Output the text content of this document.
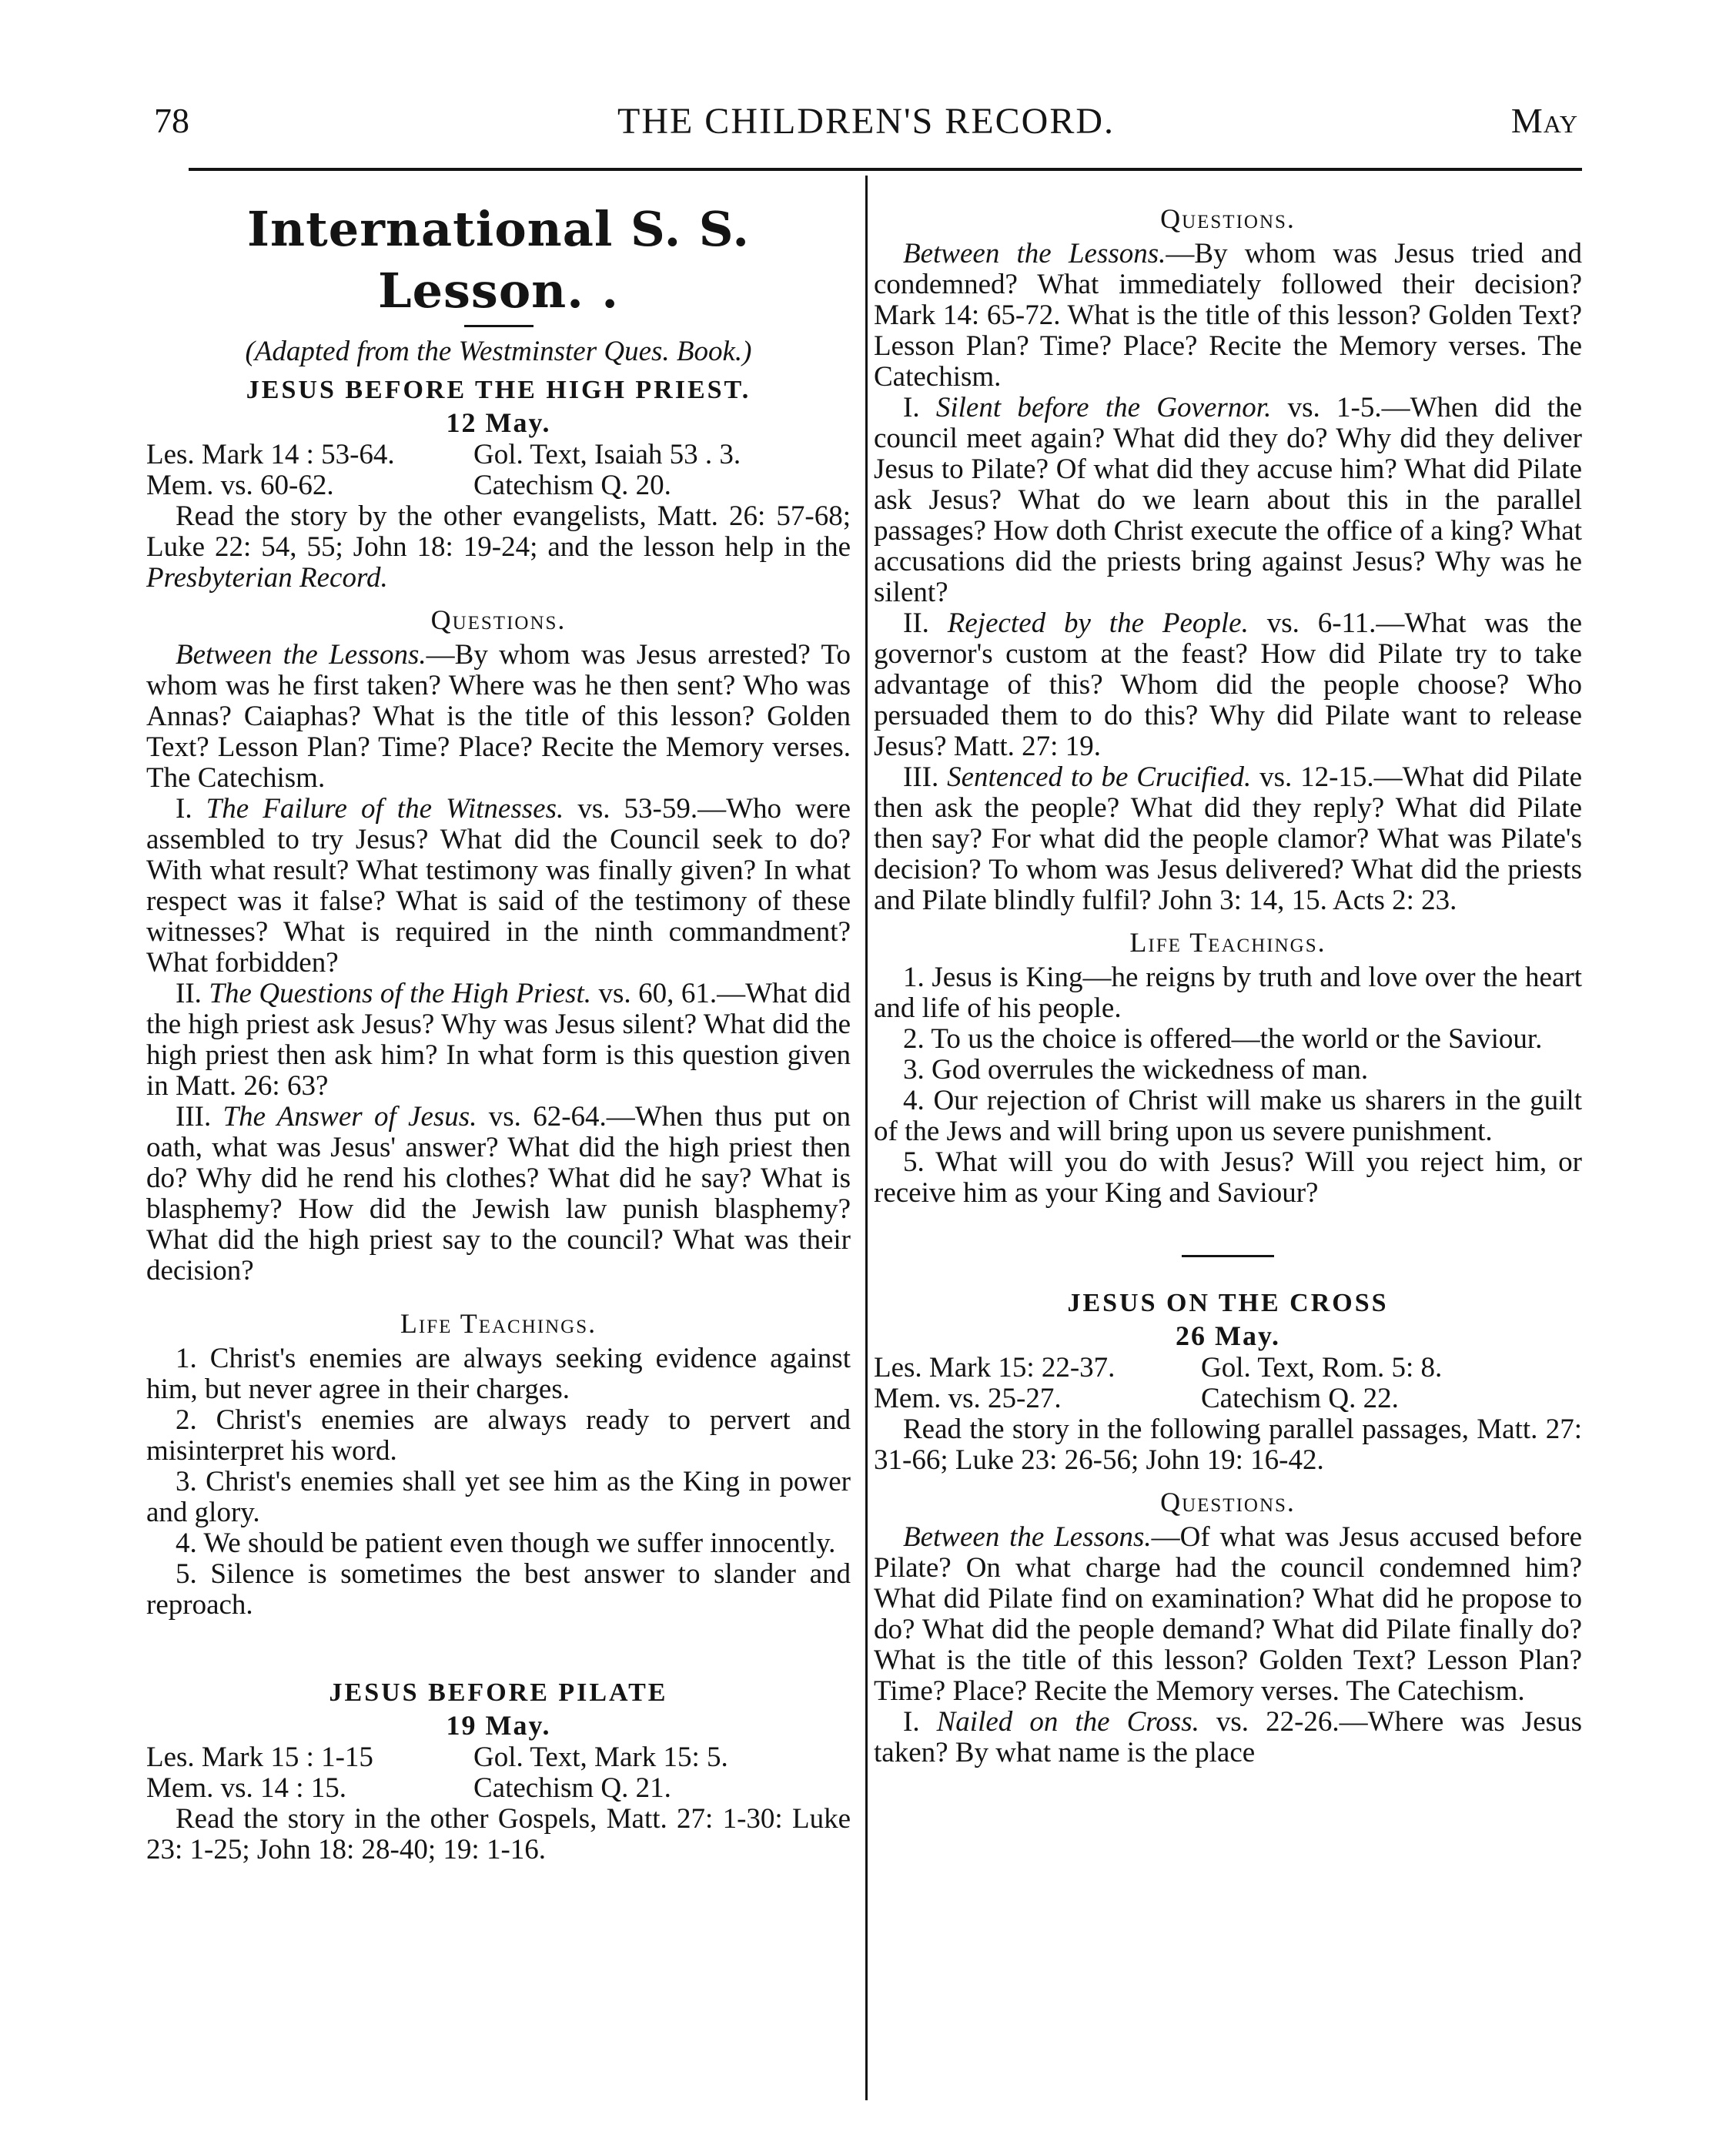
78	THE CHILDREN'S RECORD.	May
International S. S. Lesson. .

(Adapted from the Westminster Ques. Book.)

JESUS BEFORE THE HIGH PRIEST.
12 May.
Les. Mark 14 : 53-64.	Gol. Text, Isaiah 53 . 3.
Mem. vs. 60-62.	Catechism Q. 20.

Read the story by the other evangelists, Matt. 26: 57-68; Luke 22: 54, 55; John 18: 19-24; and the lesson help in the Presbyterian Record.

Questions.

Between the Lessons.—By whom was Jesus arrested? To whom was he first taken? Where was he then sent? Who was Annas? Caiaphas? What is the title of this lesson? Golden Text? Lesson Plan? Time? Place? Recite the Memory verses. The Catechism.

I. The Failure of the Witnesses. vs. 53-59.—Who were assembled to try Jesus? What did the Council seek to do? With what result? What testimony was finally given? In what respect was it false? What is said of the testimony of these witnesses? What is required in the ninth commandment? What forbidden?

II. The Questions of the High Priest. vs. 60, 61.—What did the high priest ask Jesus? Why was Jesus silent? What did the high priest then ask him? In what form is this question given in Matt. 26: 63?

III. The Answer of Jesus. vs. 62-64.—When thus put on oath, what was Jesus' answer? What did the high priest then do? Why did he rend his clothes? What did he say? What is blasphemy? How did the Jewish law punish blasphemy? What did the high priest say to the council? What was their decision?

Life Teachings.

1. Christ's enemies are always seeking evidence against him, but never agree in their charges.

2. Christ's enemies are always ready to pervert and misinterpret his word.

3. Christ's enemies shall yet see him as the King in power and glory.

4. We should be patient even though we suffer innocently.

5. Silence is sometimes the best answer to slander and reproach.

JESUS BEFORE PILATE
19 May.
Les. Mark 15 : 1-15	Gol. Text, Mark 15: 5.
Mem. vs. 14 : 15.	Catechism Q. 21.

Read the story in the other Gospels, Matt. 27: 1-30: Luke 23: 1-25; John 18: 28-40; 19: 1-16.

Questions.

Between the Lessons.—By whom was Jesus tried and condemned? What immediately followed their decision? Mark 14: 65-72. What is the title of this lesson? Golden Text? Lesson Plan? Time? Place? Recite the Memory verses. The Catechism.

I. Silent before the Governor. vs. 1-5.—When did the council meet again? What did they do? Why did they deliver Jesus to Pilate? Of what did they accuse him? What did Pilate ask Jesus? What do we learn about this in the parallel passages? How doth Christ execute the office of a king? What accusations did the priests bring against Jesus? Why was he silent?

II. Rejected by the People. vs. 6-11.—What was the governor's custom at the feast? How did Pilate try to take advantage of this? Whom did the people choose? Who persuaded them to do this? Why did Pilate want to release Jesus? Matt. 27: 19.

III. Sentenced to be Crucified. vs. 12-15.—What did Pilate then ask the people? What did they reply? What did Pilate then say? For what did the people clamor? What was Pilate's decision? To whom was Jesus delivered? What did the priests and Pilate blindly fulfil? John 3: 14, 15. Acts 2: 23.

Life Teachings.

1. Jesus is King—he reigns by truth and love over the heart and life of his people.

2. To us the choice is offered—the world or the Saviour.

3. God overrules the wickedness of man.

4. Our rejection of Christ will make us sharers in the guilt of the Jews and will bring upon us severe punishment.

5. What will you do with Jesus? Will you reject him, or receive him as your King and Saviour?

JESUS ON THE CROSS
26 May.
Les. Mark 15: 22-37.	Gol. Text, Rom. 5: 8.
Mem. vs. 25-27.	Catechism Q. 22.

Read the story in the following parallel passages, Matt. 27: 31-66; Luke 23: 26-56; John 19: 16-42.

Questions.

Between the Lessons.—Of what was Jesus accused before Pilate? On what charge had the council condemned him? What did Pilate find on examination? What did he propose to do? What did the people demand? What did Pilate finally do? What is the title of this lesson? Golden Text? Lesson Plan? Time? Place? Recite the Memory verses. The Catechism.

I. Nailed on the Cross. vs. 22-26.—Where was Jesus taken? By what name is the place
